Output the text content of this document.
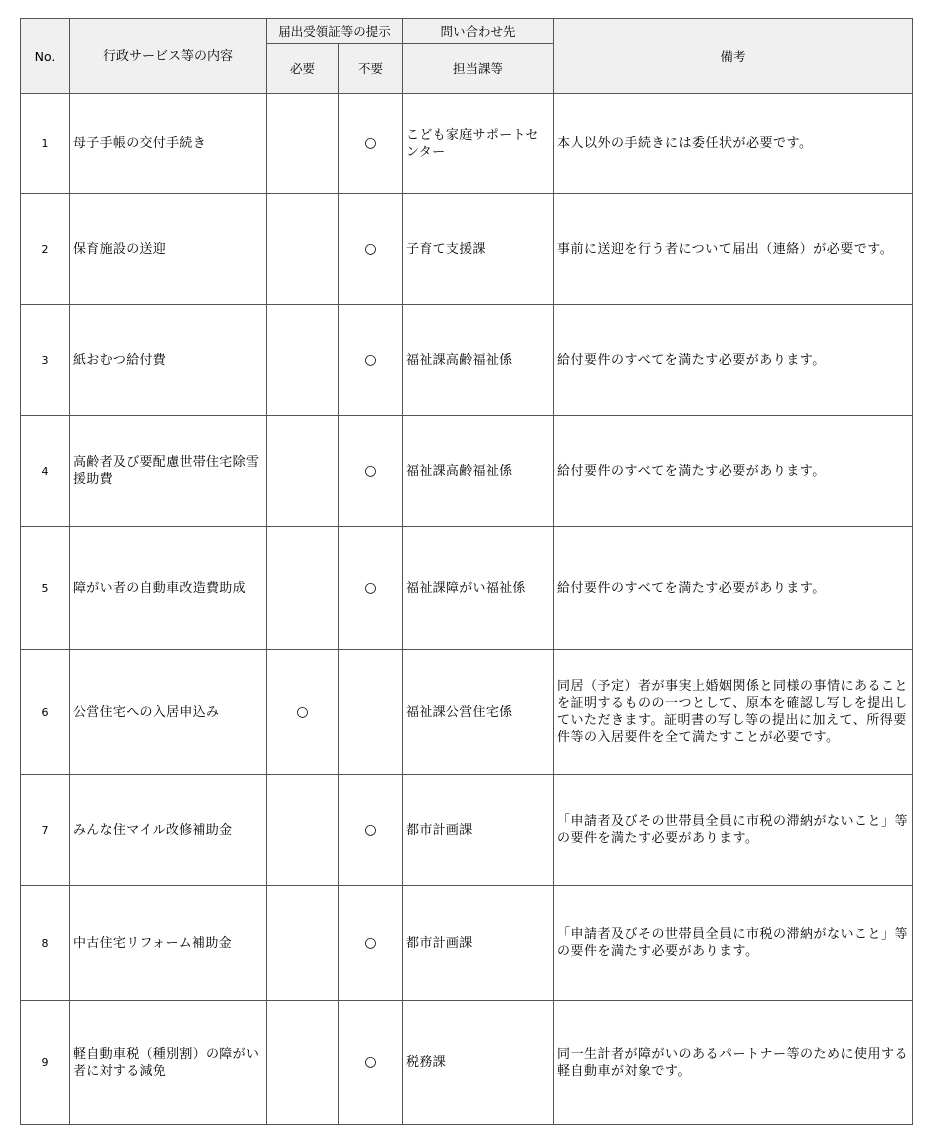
No.	行政サービス等の内容	届出受領証等の提示		問い合わせ先	備考
		必要	不要	担当課等	
1	母子手帳の交付手続き		○	こども家庭サポートセンター	本人以外の手続きには委任状が必要です。
2	保育施設の送迎		○	子育て支援課	事前に送迎を行う者について届出（連絡）が必要です。
3	紙おむつ給付費		○	福祉課高齢福祉係	給付要件のすべてを満たす必要があります。
4	高齢者及び要配慮世帯住宅除雪援助費		○	福祉課高齢福祉係	給付要件のすべてを満たす必要があります。
5	障がい者の自動車改造費助成		○	福祉課障がい福祉係	給付要件のすべてを満たす必要があります。
6	公営住宅への入居申込み	○		福祉課公営住宅係	同居（予定）者が事実上婚姻関係と同様の事情にあることを証明するものの一つとして、原本を確認し写しを提出していただきます。証明書の写し等の提出に加えて、所得要件等の入居要件を全て満たすことが必要です。
7	みんな住マイル改修補助金		○	都市計画課	「申請者及びその世帯員全員に市税の滞納がないこと」等の要件を満たす必要があります。
8	中古住宅リフォーム補助金		○	都市計画課	「申請者及びその世帯員全員に市税の滞納がないこと」等の要件を満たす必要があります。
9	軽自動車税（種別割）の障がい者に対する減免		○	税務課	同一生計者が障がいのあるパートナー等のために使用する軽自動車が対象です。
